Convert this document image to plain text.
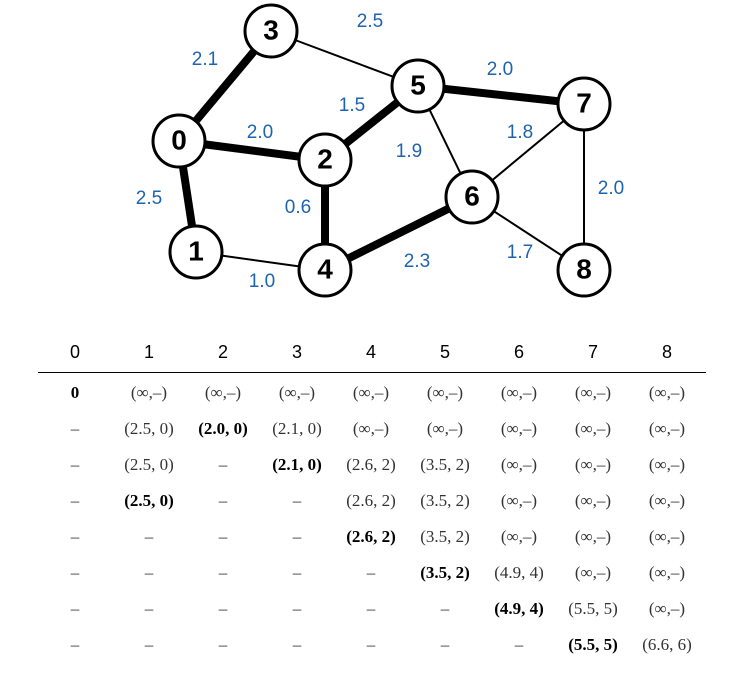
2.1
2.0
2.5
2.5
1.5
0.6
1.0
2.3
1.9
2.0
1.8
1.7
2.0
0
1
2
3
4
5
6
7
8
0	1	2	3	4	5	6	7	8
0	(∞,–)	(∞,–)	(∞,–)	(∞,–)	(∞,–)	(∞,–)	(∞,–)	(∞,–)
–	(2.5, 0)	(2.0, 0)	(2.1, 0)	(∞,–)	(∞,–)	(∞,–)	(∞,–)	(∞,–)
–	(2.5, 0)	–	(2.1, 0)	(2.6, 2)	(3.5, 2)	(∞,–)	(∞,–)	(∞,–)
–	(2.5, 0)	–	–	(2.6, 2)	(3.5, 2)	(∞,–)	(∞,–)	(∞,–)
–	–	–	–	(2.6, 2)	(3.5, 2)	(∞,–)	(∞,–)	(∞,–)
–	–	–	–	–	(3.5, 2)	(4.9, 4)	(∞,–)	(∞,–)
–	–	–	–	–	–	(4.9, 4)	(5.5, 5)	(∞,–)
–	–	–	–	–	–	–	(5.5, 5)	(6.6, 6)
